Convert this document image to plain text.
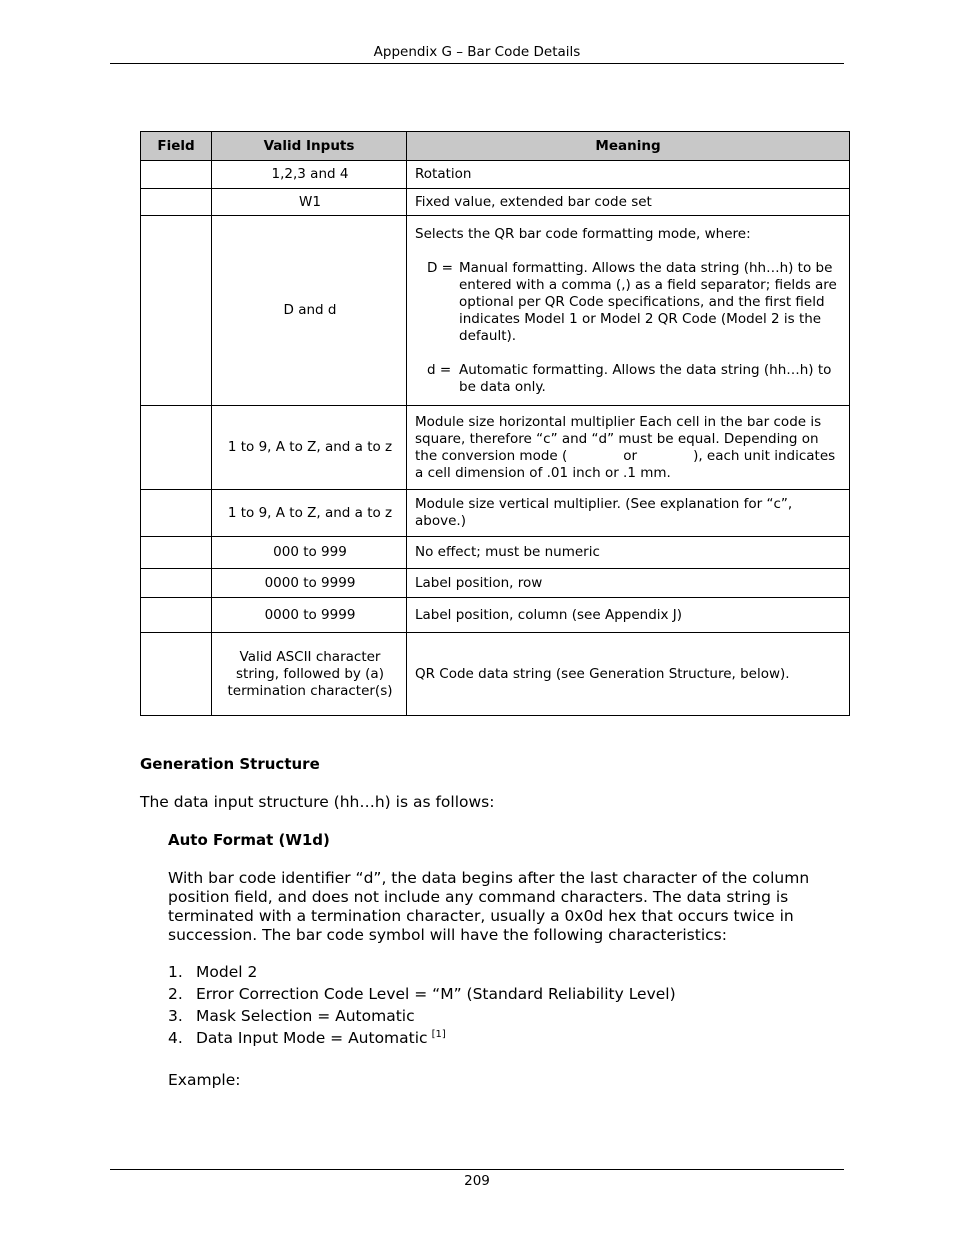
Appendix G – Bar Code Details
Field	Valid Inputs	Meaning
	1,2,3 and 4	Rotation
	W1	Fixed value, extended bar code set
	D and d	Selects the QR bar code formatting mode, where:
D = Manual formatting. Allows the data string (hh…h) to be entered with a comma (,) as a field separator; fields are optional per QR Code specifications, and the first field indicates Model 1 or Model 2 QR Code (Model 2 is the default).
d = Automatic formatting. Allows the data string (hh…h) to be data only.

	1 to 9, A to Z, and a to z	Module size horizontal multiplier Each cell in the bar code is square, therefore “c” and “d” must be equal. Depending on the conversion mode ( or ), each unit indicates a cell dimension of .01 inch or .1 mm.
	1 to 9, A to Z, and a to z	Module size vertical multiplier. (See explanation for “c”, above.)
	000 to 999	No effect; must be numeric
	0000 to 9999	Label position, row
	0000 to 9999	Label position, column (see Appendix J)
	Valid ASCII character string, followed by (a) termination character(s)	QR Code data string (see Generation Structure, below).
Generation Structure
The data input structure (hh…h) is as follows:
Auto Format (W1d)

With bar code identifier “d”, the data begins after the last character of the column position field, and does not include any command characters. The data string is terminated with a termination character, usually a 0x0d hex that occurs twice in succession. The bar code symbol will have the following characteristics:

1. Model 2
2. Error Correction Code Level = “M” (Standard Reliability Level)
3. Mask Selection = Automatic
4. Data Input Mode = Automatic [1]
Example:
209
